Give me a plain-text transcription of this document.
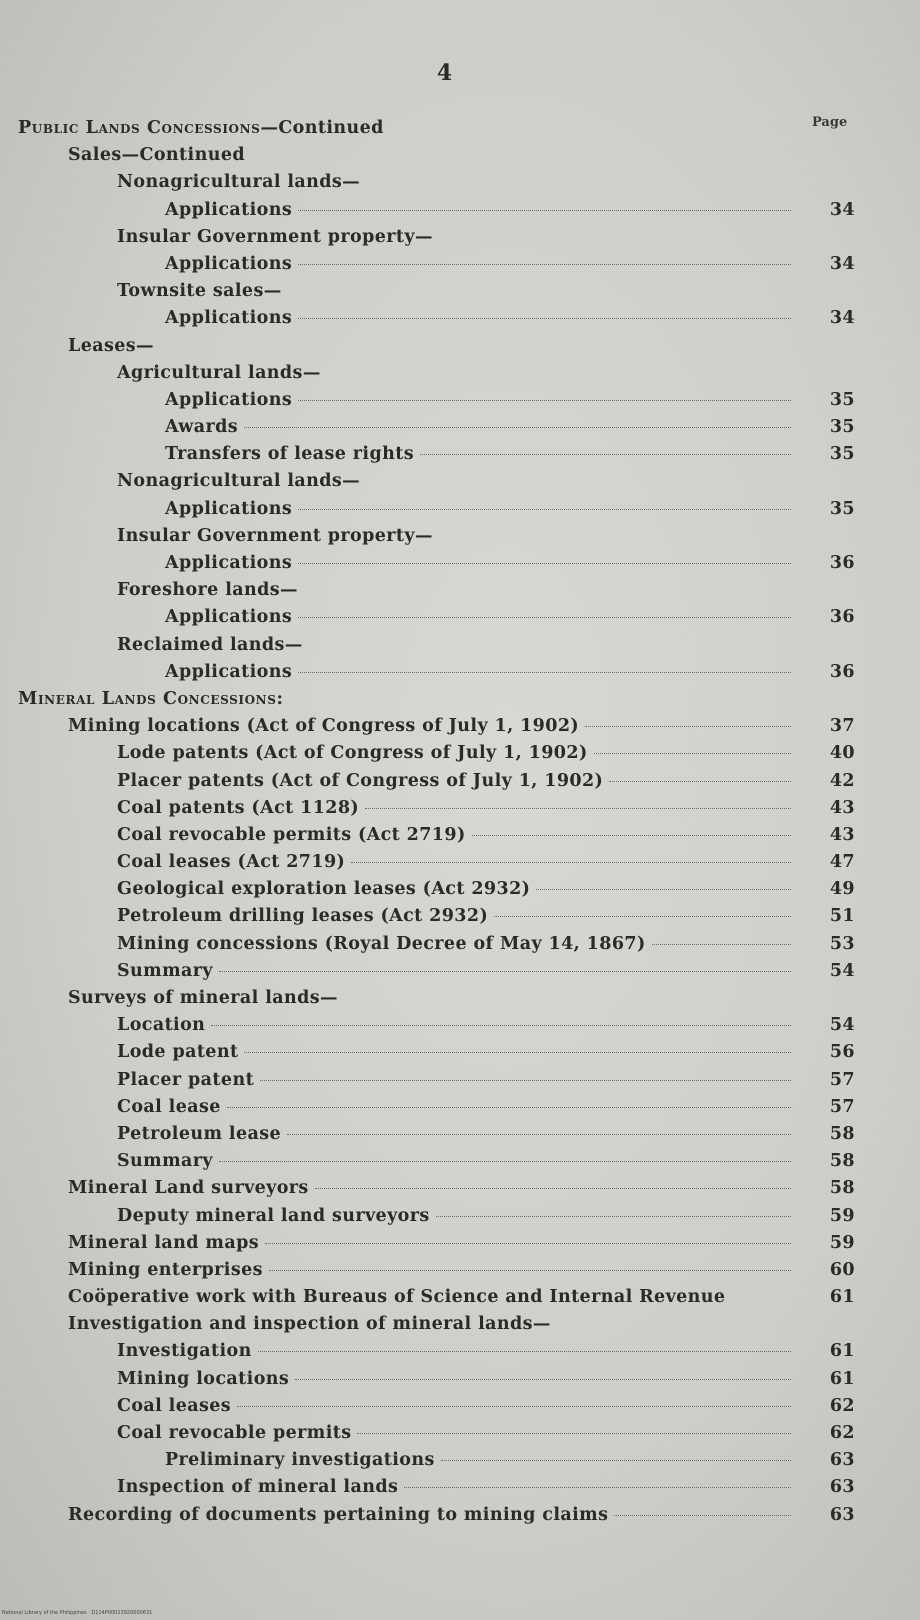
4
Page
Public Lands Concessions —Continued
Sales—Continued
Nonagricultural lands—
Applications	34
Insular Government property—
Applications	34
Townsite sales—
Applications	34
Leases—
Agricultural lands—
Applications	35
Awards	35
Transfers of lease rights	35
Nonagricultural lands—
Applications	35
Insular Government property—
Applications	36
Foreshore lands—
Applications	36
Reclaimed lands—
Applications	36
Mineral Lands Concessions:
Mining locations (Act of Congress of July 1, 1902)	37
Lode patents (Act of Congress of July 1, 1902)	40
Placer patents (Act of Congress of July 1, 1902)	42
Coal patents (Act 1128)	43
Coal revocable permits (Act 2719)	43
Coal leases (Act 2719)	47
Geological exploration leases (Act 2932)	49
Petroleum drilling leases (Act 2932)	51
Mining concessions (Royal Decree of May 14, 1867)	53
Summary	54
Surveys of mineral lands—
Location	54
Lode patent	56
Placer patent	57
Coal lease	57
Petroleum lease	58
Summary	58
Mineral Land surveyors	58
Deputy mineral land surveyors	59
Mineral land maps	59
Mining enterprises	60
Coöperative work with Bureaus of Science and Internal Revenue	61
Investigation and inspection of mineral lands—
Investigation	61
Mining locations	61
Coal leases	62
Coal revocable permits	62
Preliminary investigations	63
Inspection of mineral lands	63
Recording of documents pertaining to mining claims	63
National Library of the Philippines · D114P00013920000631
